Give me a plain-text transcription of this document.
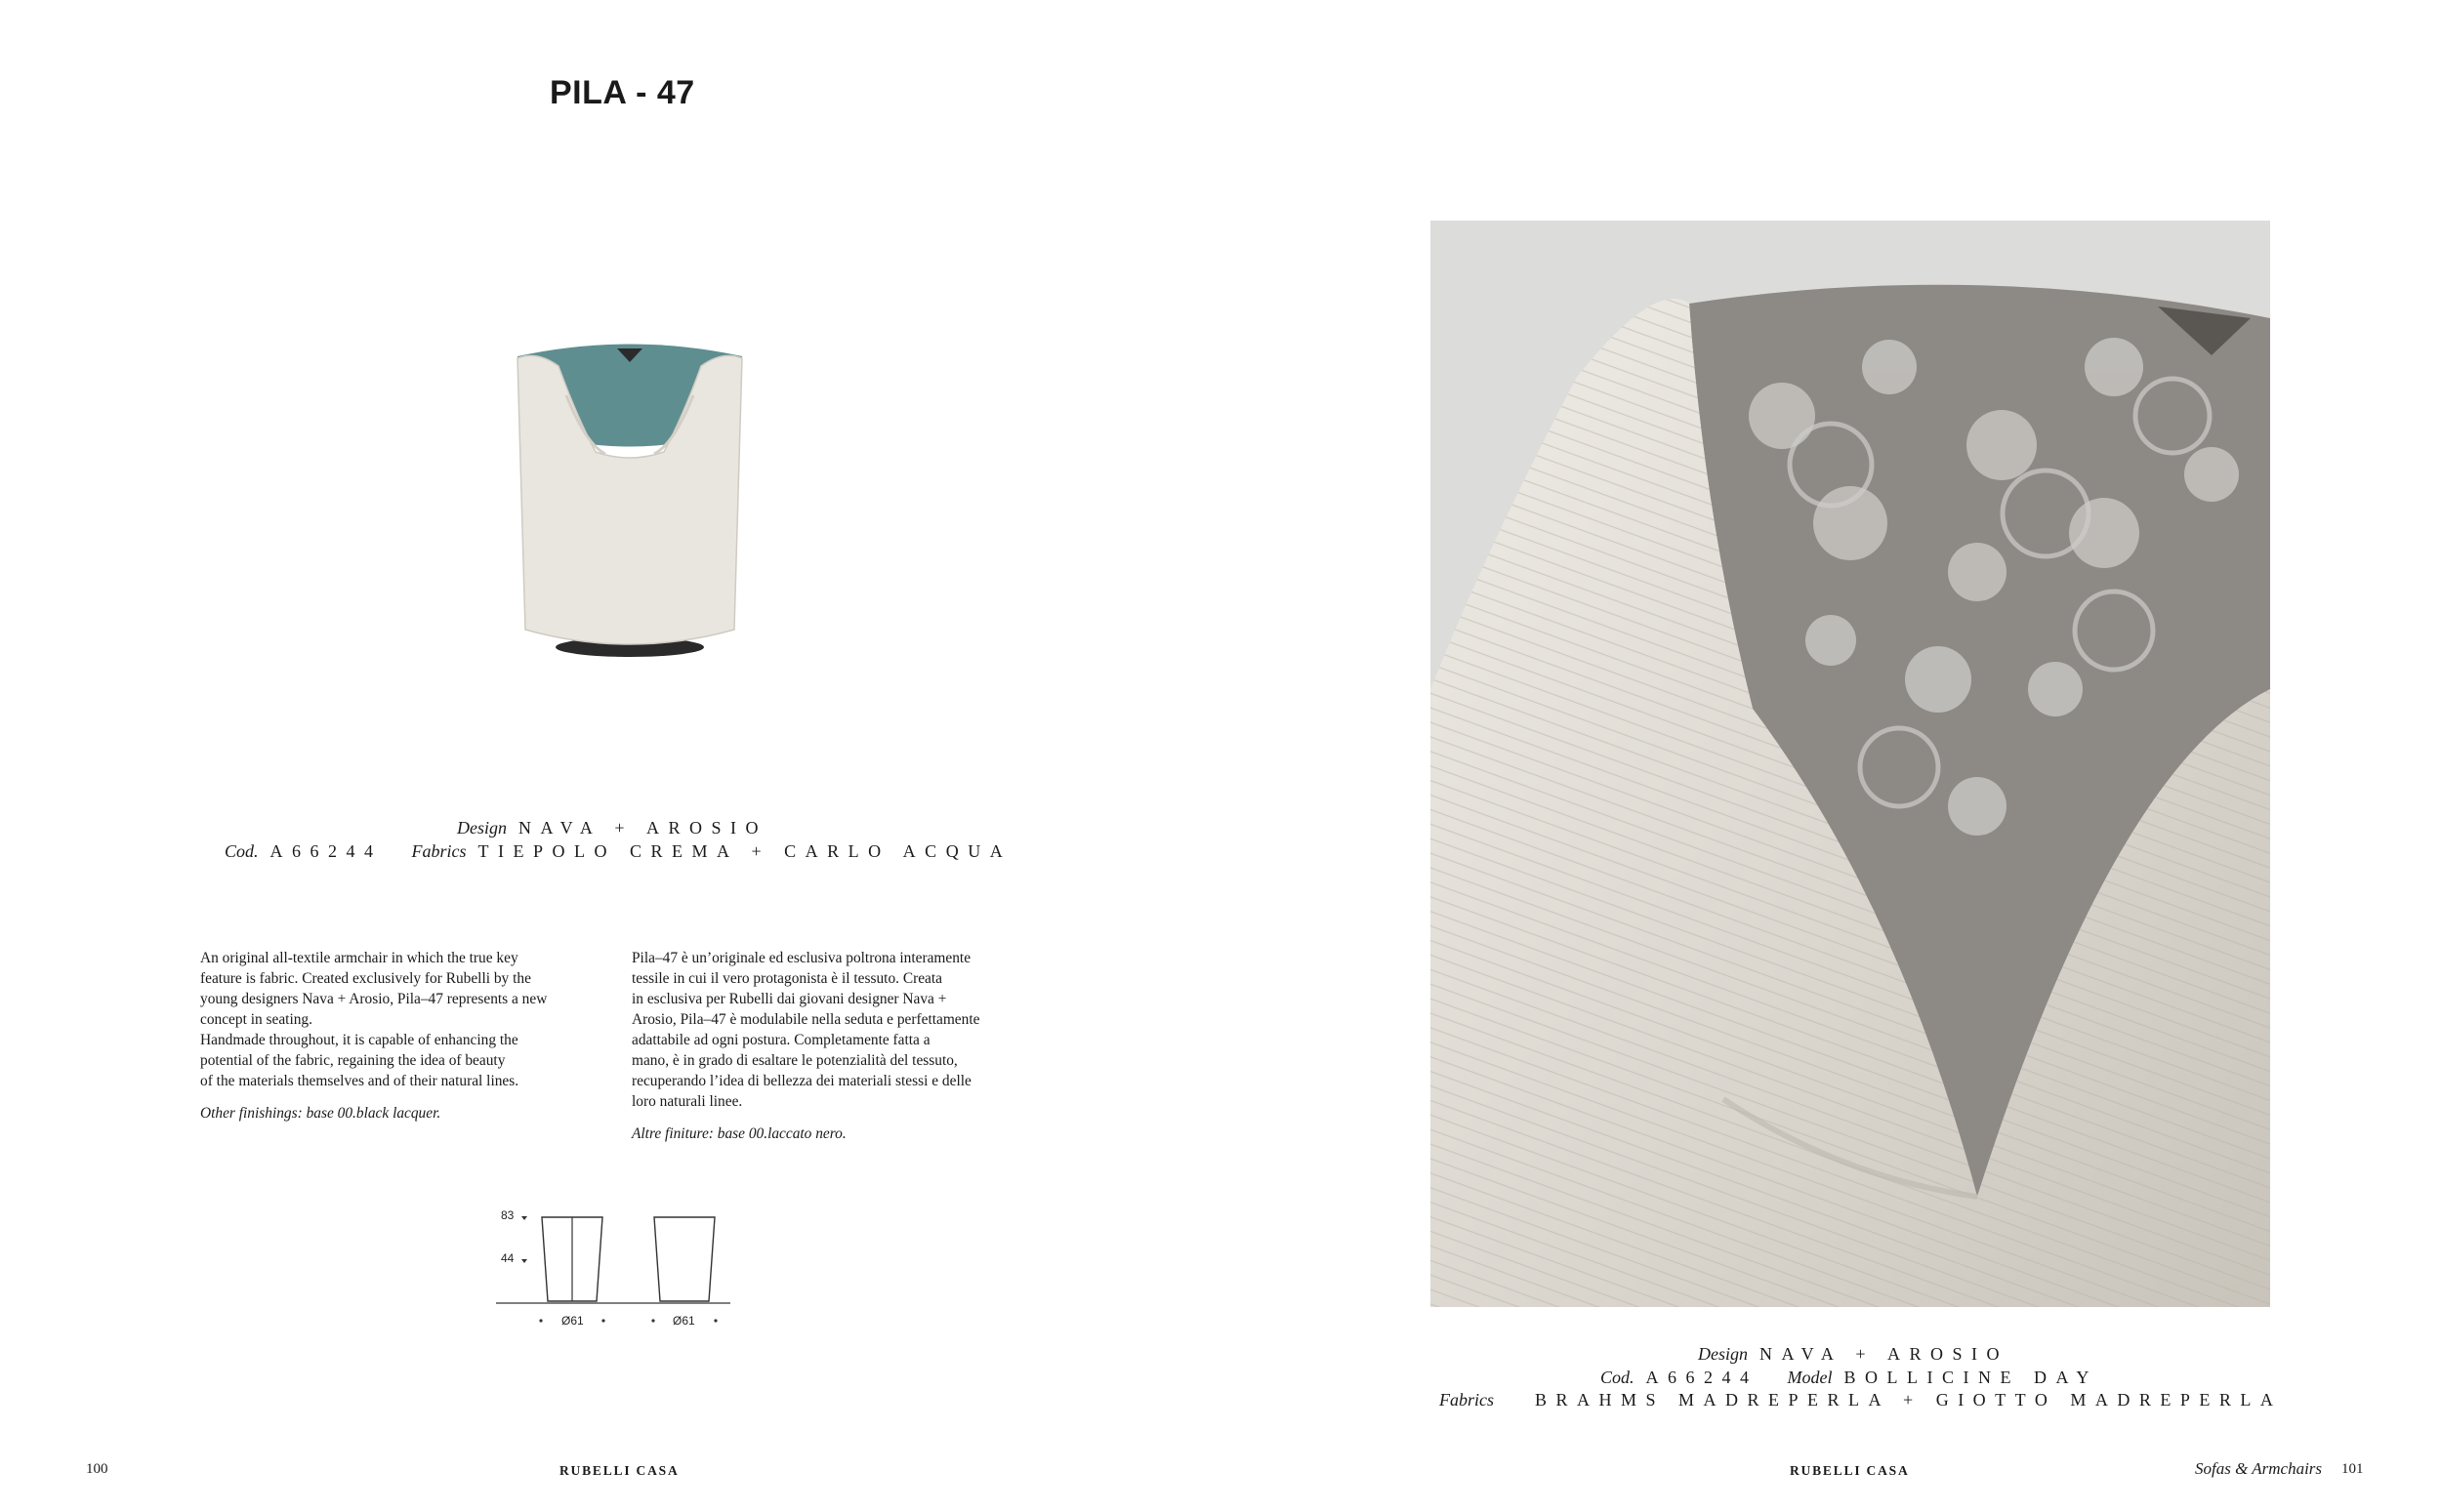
PILA - 47
Design NAVA + AROSIO
Cod. A66244 Fabrics TIEPOLO CREMA + CARLO ACQUA

An original all-textile armchair in which the true key
feature is fabric. Created exclusively for Rubelli by the
young designers Nava + Arosio, Pila–47 represents a new
concept in seating.
Handmade throughout, it is capable of enhancing the
potential of the fabric, regaining the idea of beauty
of the materials themselves and of their natural lines.

Other finishings: base 00.black lacquer.

Pila–47 è un’originale ed esclusiva poltrona interamente
tessile in cui il vero protagonista è il tessuto. Creata
in esclusiva per Rubelli dai giovani designer Nava +
Arosio, Pila–47 è modulabile nella seduta e perfettamente
adattabile ad ogni postura. Completamente fatta a
mano, è in grado di esaltare le potenzialità del tessuto,
recuperando l’idea di bellezza dei materiali stessi e delle
loro naturali linee.

Altre finiture: base 00.laccato nero.

83
44
Ø61	Ø61
Design NAVA + AROSIO
Cod. A66244 Model BOLLICINE DAY
Fabrics BRAHMS MADREPERLA + GIOTTO MADREPERLA
100	RUBELLI CASA	RUBELLI CASA	Sofas & Armchairs 101
